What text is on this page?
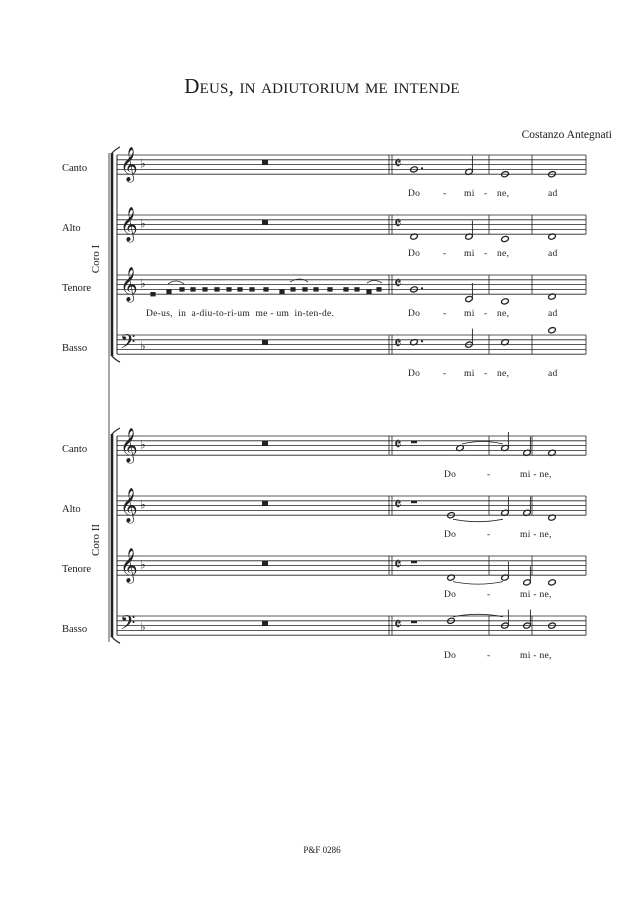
Deus, in adiutorium me intende
Costanzo Antegnati
Canto
Alto
Tenore
Basso
Coro I
Canto
Alto
Tenore
Basso
Coro II
𝄞 ♭	𝄵
𝄞 ♭	𝄵
𝄞 ♭	𝄵
𝄢 ♭	𝄵
𝄞 ♭	𝄵
𝄞 ♭	𝄵
𝄞 ♭	𝄵
𝄢 ♭	𝄵
De-us,  in  a-diu-to-ri-um  me - um  in-ten-de.
Do - mi - ne,	ad
Do - mi - ne,	ad
Do - mi - ne,	ad
Do - mi - ne,	ad
Do	-	mi - ne,
Do	-	mi - ne,
Do	-	mi - ne,
Do	-	mi - ne,
P&F 0286
